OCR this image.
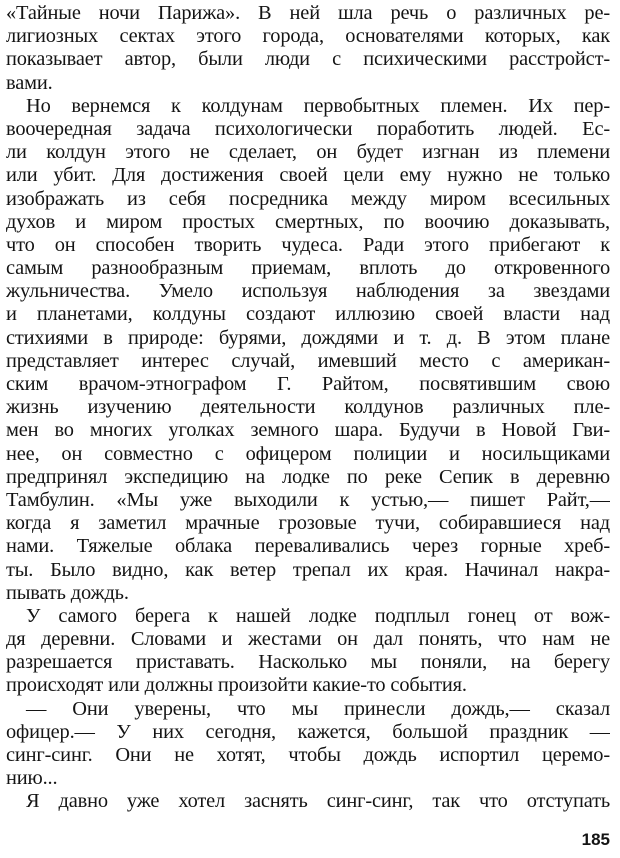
«Тайные ночи Парижа». В ней шла речь о различных ре-
лигиозных сектах этого города, основателями которых, как
показывает автор, были люди с психическими расстройст-
вами.
Но вернемся к колдунам первобытных племен. Их пер-
воочередная задача психологически поработить людей. Ес-
ли колдун этого не сделает, он будет изгнан из племени
или убит. Для достижения своей цели ему нужно не только
изображать из себя посредника между миром всесильных
духов и миром простых смертных, по воочию доказывать,
что он способен творить чудеса. Ради этого прибегают к
самым разнообразным приемам, вплоть до откровенного
жульничества. Умело используя наблюдения за звездами
и планетами, колдуны создают иллюзию своей власти над
стихиями в природе: бурями, дождями и т. д. В этом плане
представляет интерес случай, имевший место с американ-
ским врачом-этнографом Г. Райтом, посвятившим свою
жизнь изучению деятельности колдунов различных пле-
мен во многих уголках земного шара. Будучи в Новой Гви-
нее, он совместно с офицером полиции и носильщиками
предпринял экспедицию на лодке по реке Сепик в деревню
Тамбулин. «Мы уже выходили к устью,— пишет Райт,—
когда я заметил мрачные грозовые тучи, собиравшиеся над
нами. Тяжелые облака переваливались через горные хреб-
ты. Было видно, как ветер трепал их края. Начинал накра-
пывать дождь.
У самого берега к нашей лодке подплыл гонец от вож-
дя деревни. Словами и жестами он дал понять, что нам не
разрешается приставать. Насколько мы поняли, на берегу
происходят или должны произойти какие-то события.
— Они уверены, что мы принесли дождь,— сказал
офицер.— У них сегодня, кажется, большой праздник —
синг-синг. Они не хотят, чтобы дождь испортил церемо-
нию...
Я давно уже хотел заснять синг-синг, так что отступать
185
